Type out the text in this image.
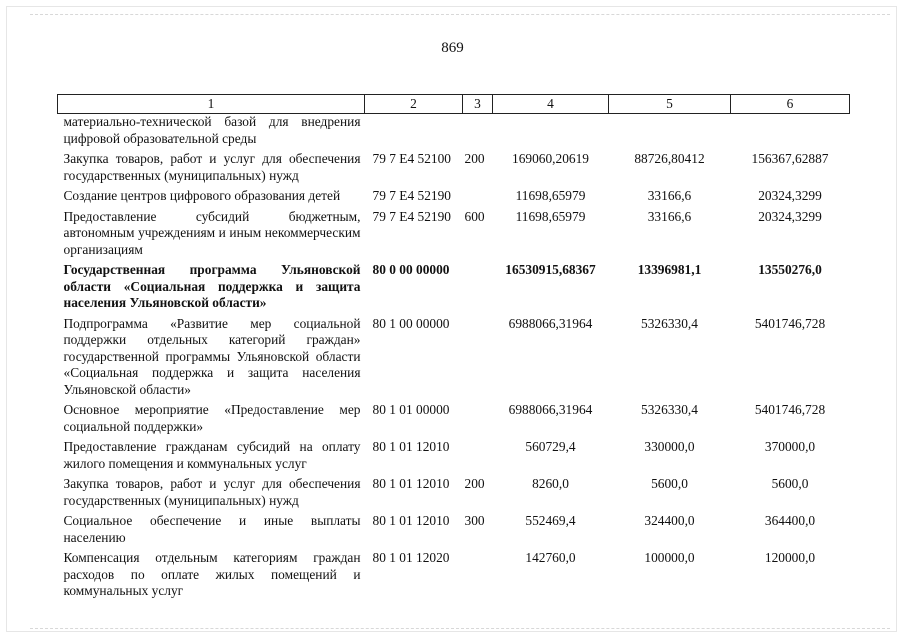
869
1	2	3	4	5	6
материально-технической базой для внедрения цифровой образовательной среды					
Закупка товаров, работ и услуг для обеспечения государственных (муниципальных) нужд	79 7 E4 52100	200	169060,20619	88726,80412	156367,62887
Создание центров цифрового образования детей	79 7 E4 52190		11698,65979	33166,6	20324,3299
Предоставление субсидий бюджетным, автономным учреждениям и иным некоммерческим организациям	79 7 E4 52190	600	11698,65979	33166,6	20324,3299
Государственная программа Ульяновской области «Социальная поддержка и защита населения Ульяновской области»	80 0 00 00000		16530915,68367	13396981,1	13550276,0
Подпрограмма «Развитие мер социальной поддержки отдельных категорий граждан» государственной программы Ульяновской области «Социальная поддержка и защита населения Ульяновской области»	80 1 00 00000		6988066,31964	5326330,4	5401746,728
Основное мероприятие «Предоставление мер социальной поддержки»	80 1 01 00000		6988066,31964	5326330,4	5401746,728
Предоставление гражданам субсидий на оплату жилого помещения и коммунальных услуг	80 1 01 12010		560729,4	330000,0	370000,0
Закупка товаров, работ и услуг для обеспечения государственных (муниципальных) нужд	80 1 01 12010	200	8260,0	5600,0	5600,0
Социальное обеспечение и иные выплаты населению	80 1 01 12010	300	552469,4	324400,0	364400,0
Компенсация отдельным категориям граждан расходов по оплате жилых помещений и коммунальных услуг	80 1 01 12020		142760,0	100000,0	120000,0
